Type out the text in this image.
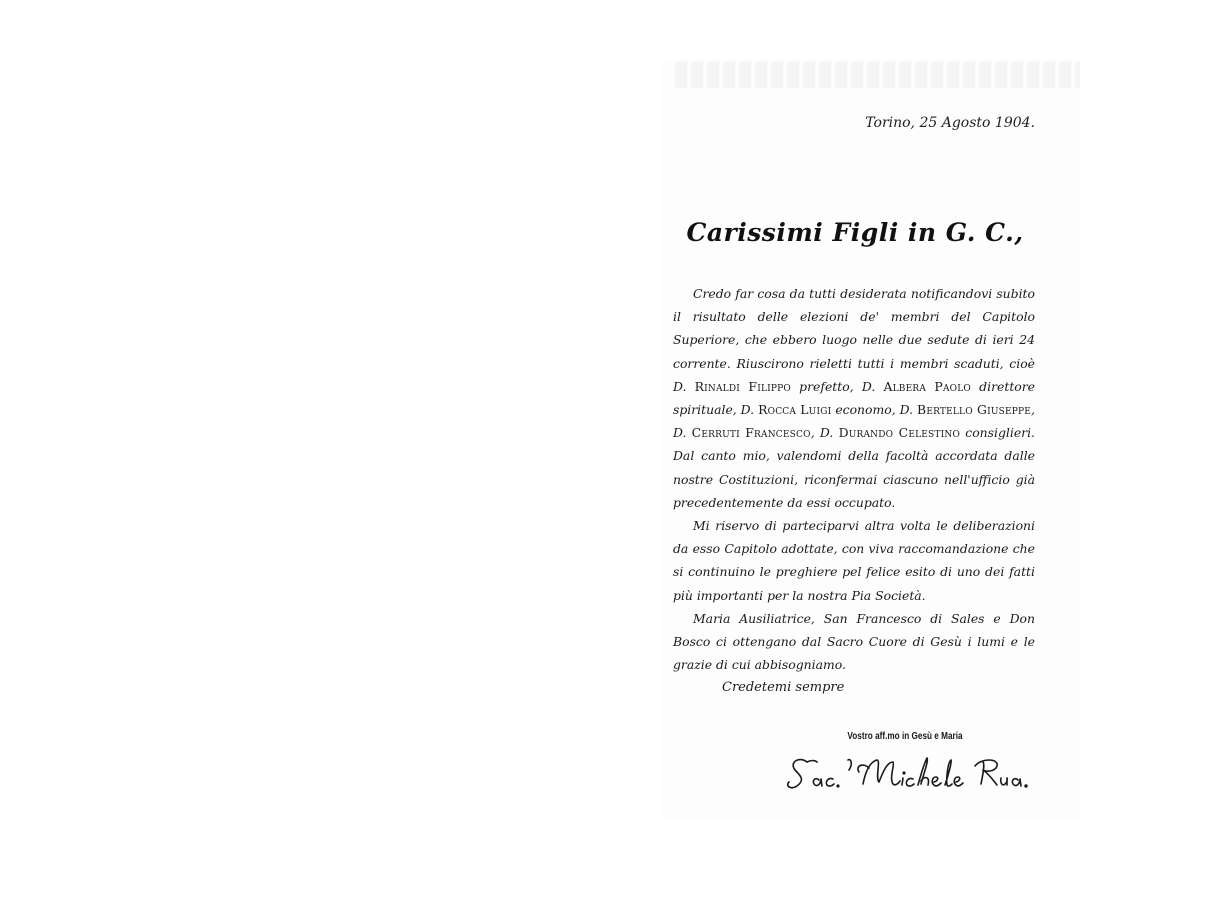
Torino, 25 Agosto 1904.
Carissimi Figli in G. C.,

Credo far cosa da tutti desiderata notificandovi subito il risultato delle elezioni de' membri del Capitolo Superiore, che ebbero luogo nelle due sedute di ieri 24 corrente. Riuscirono rieletti tutti i membri scaduti, cioè D. Rinaldi Filippo prefetto, D. Albera Paolo direttore spirituale, D. Rocca Luigi economo, D. Bertello Giuseppe, D. Cerruti Francesco, D. Durando Celestino consiglieri. Dal canto mio, valendomi della facoltà accordata dalle nostre Costituzioni, riconfermai ciascuno nell'ufficio già precedentemente da essi occupato.

Mi riservo di parteciparvi altra volta le deliberazioni da esso Capitolo adottate, con viva raccomandazione che si continuino le preghiere pel felice esito di uno dei fatti più importanti per la nostra Pia Società.

Maria Ausiliatrice, San Francesco di Sales e Don Bosco ci ottengano dal Sacro Cuore di Gesù i lumi e le grazie di cui abbisogniamo.

Credetemi sempre
Vostro aff.mo in Gesù e Maria
